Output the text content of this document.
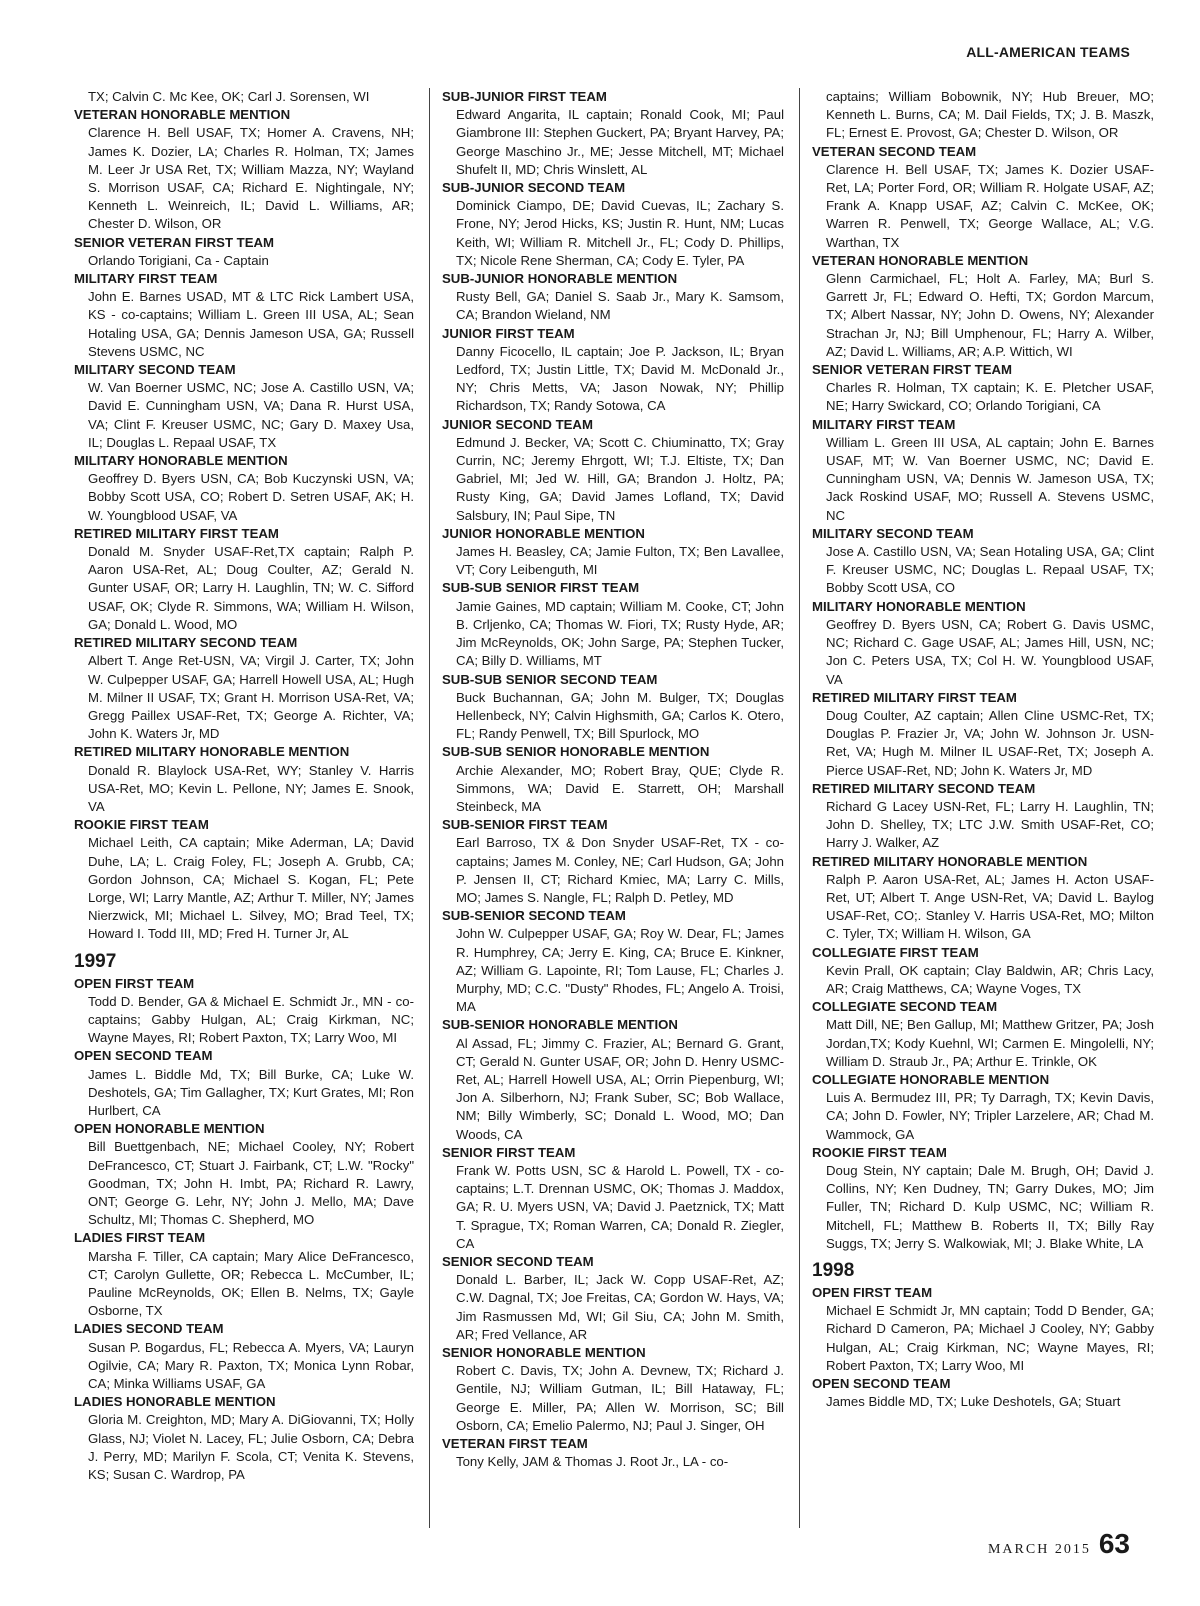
ALL-AMERICAN TEAMS
TX; Calvin C. Mc Kee, OK; Carl J. Sorensen, WI
VETERAN HONORABLE MENTION
Clarence H. Bell USAF, TX; Homer A. Cravens, NH; James K. Dozier, LA; Charles R. Holman, TX; James M. Leer Jr USA Ret, TX; William Mazza, NY; Wayland S. Morrison USAF, CA; Richard E. Nightingale, NY; Kenneth L. Weinreich, IL; David L. Williams, AR; Chester D. Wilson, OR
SENIOR VETERAN FIRST TEAM
Orlando Torigiani, Ca - Captain
MILITARY FIRST TEAM
John E. Barnes USAD, MT & LTC Rick Lambert USA, KS - co-captains; William L. Green III USA, AL; Sean Hotaling USA, GA; Dennis Jameson USA, GA; Russell Stevens USMC, NC
MILITARY SECOND TEAM
W. Van Boerner USMC, NC; Jose A. Castillo USN, VA; David E. Cunningham USN, VA; Dana R. Hurst USA, VA; Clint F. Kreuser USMC, NC; Gary D. Maxey Usa, IL; Douglas L. Repaal USAF, TX
MILITARY HONORABLE MENTION
Geoffrey D. Byers USN, CA; Bob Kuczynski USN, VA; Bobby Scott USA, CO; Robert D. Setren USAF, AK; H. W. Youngblood USAF, VA
RETIRED MILITARY FIRST TEAM
Donald M. Snyder USAF-Ret,TX captain; Ralph P. Aaron USA-Ret, AL; Doug Coulter, AZ; Gerald N. Gunter USAF, OR; Larry H. Laughlin, TN; W. C. Sifford USAF, OK; Clyde R. Simmons, WA; William H. Wilson, GA; Donald L. Wood, MO
RETIRED MILITARY SECOND TEAM
Albert T. Ange Ret-USN, VA; Virgil J. Carter, TX; John W. Culpepper USAF, GA; Harrell Howell USA, AL; Hugh M. Milner II USAF, TX; Grant H. Morrison USA-Ret, VA; Gregg Paillex USAF-Ret, TX; George A. Richter, VA; John K. Waters Jr, MD
RETIRED MILITARY HONORABLE MENTION
Donald R. Blaylock USA-Ret, WY; Stanley V. Harris USA-Ret, MO; Kevin L. Pellone, NY; James E. Snook, VA
ROOKIE FIRST TEAM
Michael Leith, CA captain; Mike Aderman, LA; David Duhe, LA; L. Craig Foley, FL; Joseph A. Grubb, CA; Gordon Johnson, CA; Michael S. Kogan, FL; Pete Lorge, WI; Larry Mantle, AZ; Arthur T. Miller, NY; James Nierzwick, MI; Michael L. Silvey, MO; Brad Teel, TX; Howard I. Todd III, MD; Fred H. Turner Jr, AL
1997
OPEN FIRST TEAM
Todd D. Bender, GA & Michael E. Schmidt Jr., MN - co-captains; Gabby Hulgan, AL; Craig Kirkman, NC; Wayne Mayes, RI; Robert Paxton, TX; Larry Woo, MI
OPEN SECOND TEAM
James L. Biddle Md, TX; Bill Burke, CA; Luke W. Deshotels, GA; Tim Gallagher, TX; Kurt Grates, MI; Ron Hurlbert, CA
OPEN HONORABLE MENTION
Bill Buettgenbach, NE; Michael Cooley, NY; Robert DeFrancesco, CT; Stuart J. Fairbank, CT; L.W. "Rocky" Goodman, TX; John H. Imbt, PA; Richard R. Lawry, ONT; George G. Lehr, NY; John J. Mello, MA; Dave Schultz, MI; Thomas C. Shepherd, MO
LADIES FIRST TEAM
Marsha F. Tiller, CA captain; Mary Alice DeFrancesco, CT; Carolyn Gullette, OR; Rebecca L. McCumber, IL; Pauline McReynolds, OK; Ellen B. Nelms, TX; Gayle Osborne, TX
LADIES SECOND TEAM
Susan P. Bogardus, FL; Rebecca A. Myers, VA; Lauryn Ogilvie, CA; Mary R. Paxton, TX; Monica Lynn Robar, CA; Minka Williams USAF, GA
LADIES HONORABLE MENTION
Gloria M. Creighton, MD; Mary A. DiGiovanni, TX; Holly Glass, NJ; Violet N. Lacey, FL; Julie Osborn, CA; Debra J. Perry, MD; Marilyn F. Scola, CT; Venita K. Stevens, KS; Susan C. Wardrop, PA
SUB-JUNIOR FIRST TEAM
Edward Angarita, IL captain; Ronald Cook, MI; Paul Giambrone III: Stephen Guckert, PA; Bryant Harvey, PA; George Maschino Jr., ME; Jesse Mitchell, MT; Michael Shufelt II, MD; Chris Winslett, AL
SUB-JUNIOR SECOND TEAM
Dominick Ciampo, DE; David Cuevas, IL; Zachary S. Frone, NY; Jerod Hicks, KS; Justin R. Hunt, NM; Lucas Keith, WI; William R. Mitchell Jr., FL; Cody D. Phillips, TX; Nicole Rene Sherman, CA; Cody E. Tyler, PA
SUB-JUNIOR HONORABLE MENTION
Rusty Bell, GA; Daniel S. Saab Jr., Mary K. Samsom, CA; Brandon Wieland, NM
JUNIOR FIRST TEAM
Danny Ficocello, IL captain; Joe P. Jackson, IL; Bryan Ledford, TX; Justin Little, TX; David M. McDonald Jr., NY; Chris Metts, VA; Jason Nowak, NY; Phillip Richardson, TX; Randy Sotowa, CA
JUNIOR SECOND TEAM
Edmund J. Becker, VA; Scott C. Chiuminatto, TX; Gray Currin, NC; Jeremy Ehrgott, WI; T.J. Eltiste, TX; Dan Gabriel, MI; Jed W. Hill, GA; Brandon J. Holtz, PA; Rusty King, GA; David James Lofland, TX; David Salsbury, IN; Paul Sipe, TN
JUNIOR HONORABLE MENTION
James H. Beasley, CA; Jamie Fulton, TX; Ben Lavallee, VT; Cory Leibenguth, MI
SUB-SUB SENIOR FIRST TEAM
Jamie Gaines, MD captain; William M. Cooke, CT; John B. Crljenko, CA; Thomas W. Fiori, TX; Rusty Hyde, AR; Jim McReynolds, OK; John Sarge, PA; Stephen Tucker, CA; Billy D. Williams, MT
SUB-SUB SENIOR SECOND TEAM
Buck Buchannan, GA; John M. Bulger, TX; Douglas Hellenbeck, NY; Calvin Highsmith, GA; Carlos K. Otero, FL; Randy Penwell, TX; Bill Spurlock, MO
SUB-SUB SENIOR HONORABLE MENTION
Archie Alexander, MO; Robert Bray, QUE; Clyde R. Simmons, WA; David E. Starrett, OH; Marshall Steinbeck, MA
SUB-SENIOR FIRST TEAM
Earl Barroso, TX & Don Snyder USAF-Ret, TX - co-captains; James M. Conley, NE; Carl Hudson, GA; John P. Jensen II, CT; Richard Kmiec, MA; Larry C. Mills, MO; James S. Nangle, FL; Ralph D. Petley, MD
SUB-SENIOR SECOND TEAM
John W. Culpepper USAF, GA; Roy W. Dear, FL; James R. Humphrey, CA; Jerry E. King, CA; Bruce E. Kinkner, AZ; William G. Lapointe, RI; Tom Lause, FL; Charles J. Murphy, MD; C.C. "Dusty" Rhodes, FL; Angelo A. Troisi, MA
SUB-SENIOR HONORABLE MENTION
Al Assad, FL; Jimmy C. Frazier, AL; Bernard G. Grant, CT; Gerald N. Gunter USAF, OR; John D. Henry USMC-Ret, AL; Harrell Howell USA, AL; Orrin Piepenburg, WI; Jon A. Silberhorn, NJ; Frank Suber, SC; Bob Wallace, NM; Billy Wimberly, SC; Donald L. Wood, MO; Dan Woods, CA
SENIOR FIRST TEAM
Frank W. Potts USN, SC & Harold L. Powell, TX - co-captains; L.T. Drennan USMC, OK; Thomas J. Maddox, GA; R. U. Myers USN, VA; David J. Paetznick, TX; Matt T. Sprague, TX; Roman Warren, CA; Donald R. Ziegler, CA
SENIOR SECOND TEAM
Donald L. Barber, IL; Jack W. Copp USAF-Ret, AZ; C.W. Dagnal, TX; Joe Freitas, CA; Gordon W. Hays, VA; Jim Rasmussen Md, WI; Gil Siu, CA; John M. Smith, AR; Fred Vellance, AR
SENIOR HONORABLE MENTION
Robert C. Davis, TX; John A. Devnew, TX; Richard J. Gentile, NJ; William Gutman, IL; Bill Hataway, FL; George E. Miller, PA; Allen W. Morrison, SC; Bill Osborn, CA; Emelio Palermo, NJ; Paul J. Singer, OH
VETERAN FIRST TEAM
Tony Kelly, JAM & Thomas J. Root Jr., LA - co-
captains; William Bobownik, NY; Hub Breuer, MO; Kenneth L. Burns, CA; M. Dail Fields, TX; J. B. Maszk, FL; Ernest E. Provost, GA; Chester D. Wilson, OR
VETERAN SECOND TEAM
Clarence H. Bell USAF, TX; James K. Dozier USAF-Ret, LA; Porter Ford, OR; William R. Holgate USAF, AZ; Frank A. Knapp USAF, AZ; Calvin C. McKee, OK; Warren R. Penwell, TX; George Wallace, AL; V.G. Warthan, TX
VETERAN HONORABLE MENTION
Glenn Carmichael, FL; Holt A. Farley, MA; Burl S. Garrett Jr, FL; Edward O. Hefti, TX; Gordon Marcum, TX; Albert Nassar, NY; John D. Owens, NY; Alexander Strachan Jr, NJ; Bill Umphenour, FL; Harry A. Wilber, AZ; David L. Williams, AR; A.P. Wittich, WI
SENIOR VETERAN FIRST TEAM
Charles R. Holman, TX captain; K. E. Pletcher USAF, NE; Harry Swickard, CO; Orlando Torigiani, CA
MILITARY FIRST TEAM
William L. Green III USA, AL captain; John E. Barnes USAF, MT; W. Van Boerner USMC, NC; David E. Cunningham USN, VA; Dennis W. Jameson USA, TX; Jack Roskind USAF, MO; Russell A. Stevens USMC, NC
MILITARY SECOND TEAM
Jose A. Castillo USN, VA; Sean Hotaling USA, GA; Clint F. Kreuser USMC, NC; Douglas L. Repaal USAF, TX; Bobby Scott USA, CO
MILITARY HONORABLE MENTION
Geoffrey D. Byers USN, CA; Robert G. Davis USMC, NC; Richard C. Gage USAF, AL; James Hill, USN, NC; Jon C. Peters USA, TX; Col H. W. Youngblood USAF, VA
RETIRED MILITARY FIRST TEAM
Doug Coulter, AZ captain; Allen Cline USMC-Ret, TX; Douglas P. Frazier Jr, VA; John W. Johnson Jr. USN-Ret, VA; Hugh M. Milner IL USAF-Ret, TX; Joseph A. Pierce USAF-Ret, ND; John K. Waters Jr, MD
RETIRED MILITARY SECOND TEAM
Richard G Lacey USN-Ret, FL; Larry H. Laughlin, TN; John D. Shelley, TX; LTC J.W. Smith USAF-Ret, CO; Harry J. Walker, AZ
RETIRED MILITARY HONORABLE MENTION
Ralph P. Aaron USA-Ret, AL; James H. Acton USAF-Ret, UT; Albert T. Ange USN-Ret, VA; David L. Baylog USAF-Ret, CO;. Stanley V. Harris USA-Ret, MO; Milton C. Tyler, TX; William H. Wilson, GA
COLLEGIATE FIRST TEAM
Kevin Prall, OK captain; Clay Baldwin, AR; Chris Lacy, AR; Craig Matthews, CA; Wayne Voges, TX
COLLEGIATE SECOND TEAM
Matt Dill, NE; Ben Gallup, MI; Matthew Gritzer, PA; Josh Jordan,TX; Kody Kuehnl, WI; Carmen E. Mingolelli, NY; William D. Straub Jr., PA; Arthur E. Trinkle, OK
COLLEGIATE HONORABLE MENTION
Luis A. Bermudez III, PR; Ty Darragh, TX; Kevin Davis, CA; John D. Fowler, NY; Tripler Larzelere, AR; Chad M. Wammock, GA
ROOKIE FIRST TEAM
Doug Stein, NY captain; Dale M. Brugh, OH; David J. Collins, NY; Ken Dudney, TN; Garry Dukes, MO; Jim Fuller, TN; Richard D. Kulp USMC, NC; William R. Mitchell, FL; Matthew B. Roberts II, TX; Billy Ray Suggs, TX; Jerry S. Walkowiak, MI; J. Blake White, LA
1998
OPEN FIRST TEAM
Michael E Schmidt Jr, MN captain; Todd D Bender, GA; Richard D Cameron, PA; Michael J Cooley, NY; Gabby Hulgan, AL; Craig Kirkman, NC; Wayne Mayes, RI; Robert Paxton, TX; Larry Woo, MI
OPEN SECOND TEAM
James Biddle MD, TX; Luke Deshotels, GA; Stuart
MARCH 2015 63
